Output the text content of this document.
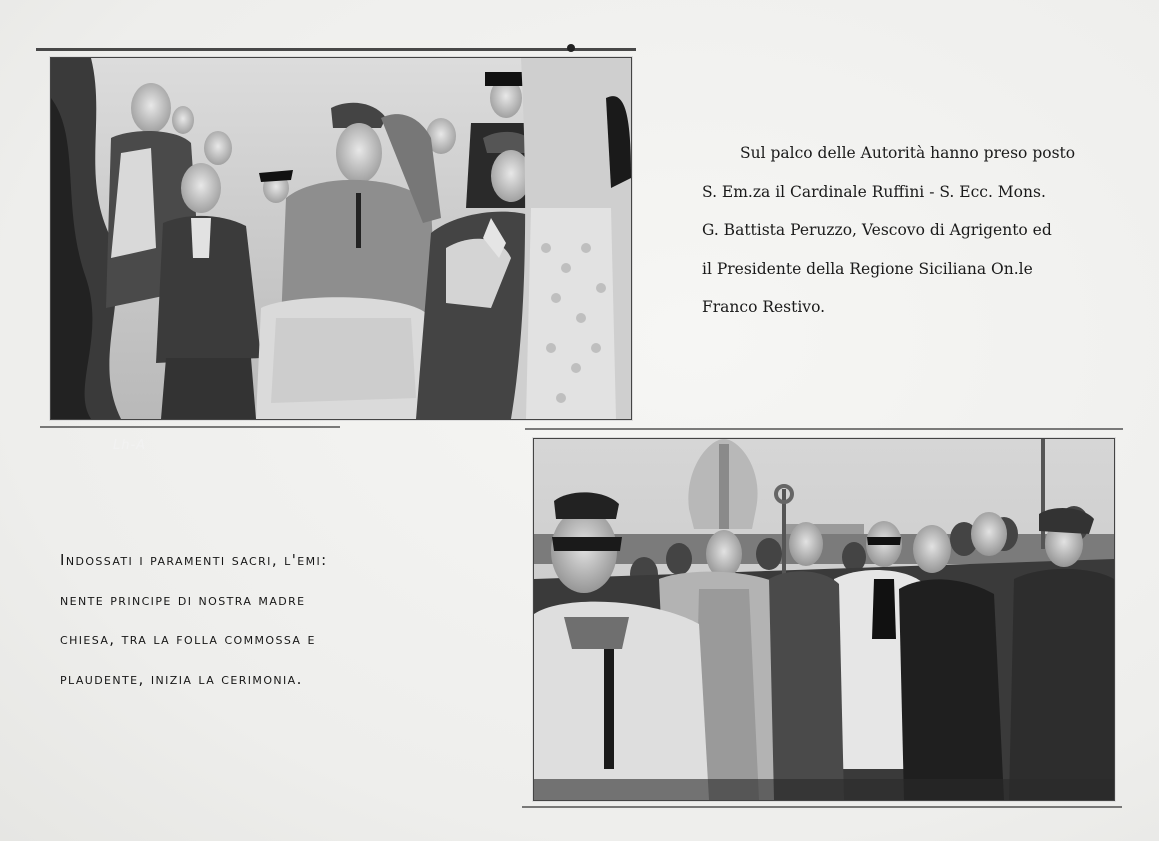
Lh-A
Sul palco delle Autorità hanno preso posto
S. Em.za il Cardinale Ruffini - S. Ecc. Mons.
G. Battista Peruzzo, Vescovo di Agrigento ed
il Presidente della Regione Siciliana On.le
Franco Restivo.
Indossati i paramenti sacri, l'emi:
nente principe di nostra madre
chiesa, tra la folla commossa e
plaudente, inizia la cerimonia.
